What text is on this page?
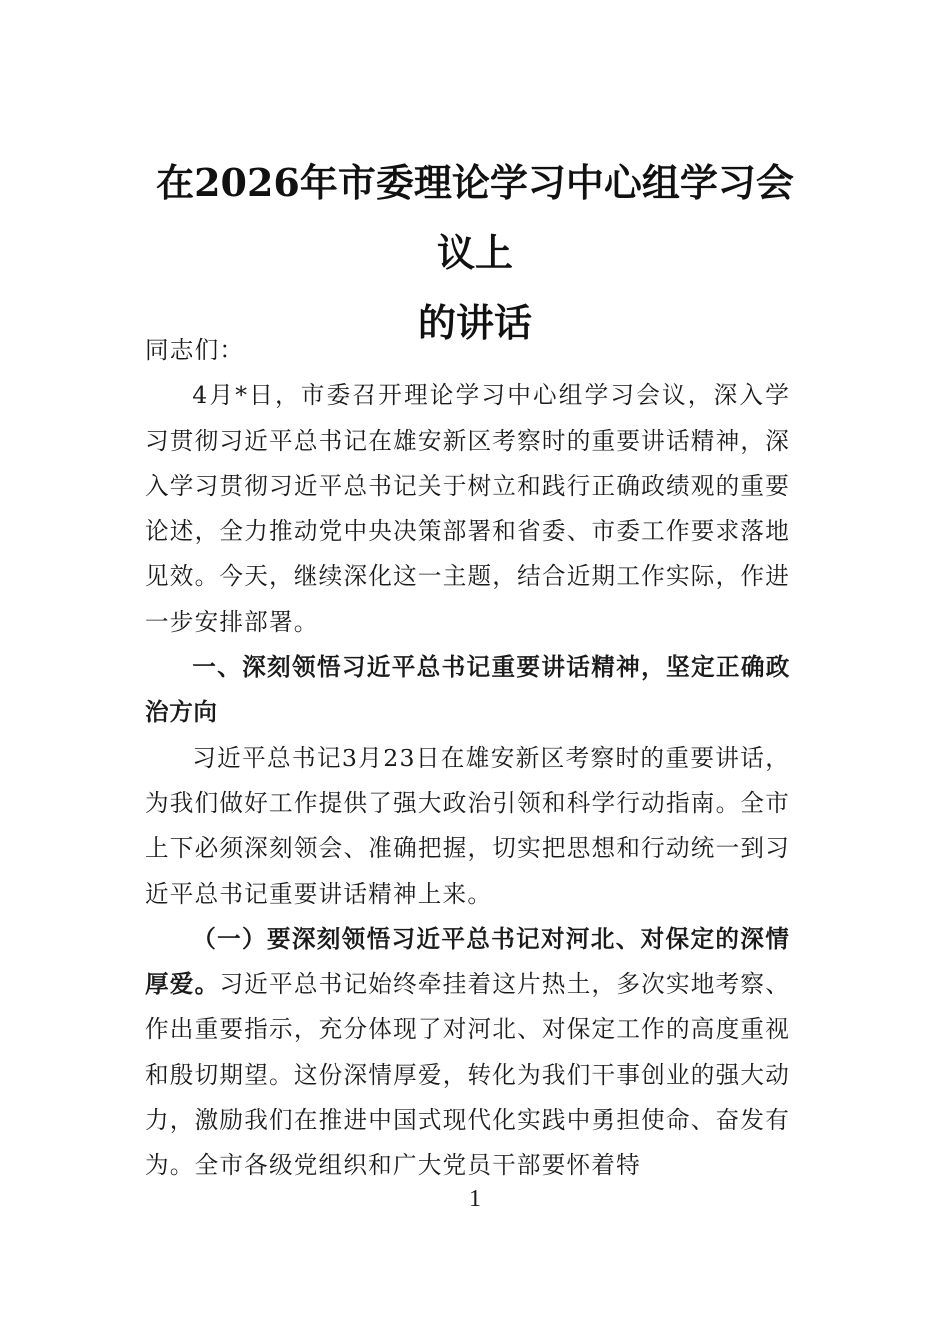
在2026年市委理论学习中心组学习会议上
的讲话

同志们：

4月*日，市委召开理论学习中心组学习会议，深入学习贯彻习近平总书记在雄安新区考察时的重要讲话精神，深入学习贯彻习近平总书记关于树立和践行正确政绩观的重要论述，全力推动党中央决策部署和省委、市委工作要求落地见效。今天，继续深化这一主题，结合近期工作实际，作进一步安排部署。

一、深刻领悟习近平总书记重要讲话精神，坚定正确政治方向

习近平总书记3月23日在雄安新区考察时的重要讲话，为我们做好工作提供了强大政治引领和科学行动指南。全市上下必须深刻领会、准确把握，切实把思想和行动统一到习近平总书记重要讲话精神上来。

（一）要深刻领悟习近平总书记对河北、对保定的深情厚爱。习近平总书记始终牵挂着这片热土，多次实地考察、作出重要指示，充分体现了对河北、对保定工作的高度重视和殷切期望。这份深情厚爱，转化为我们干事创业的强大动力，激励我们在推进中国式现代化实践中勇担使命、奋发有为。全市各级党组织和广大党员干部要怀着特

1
